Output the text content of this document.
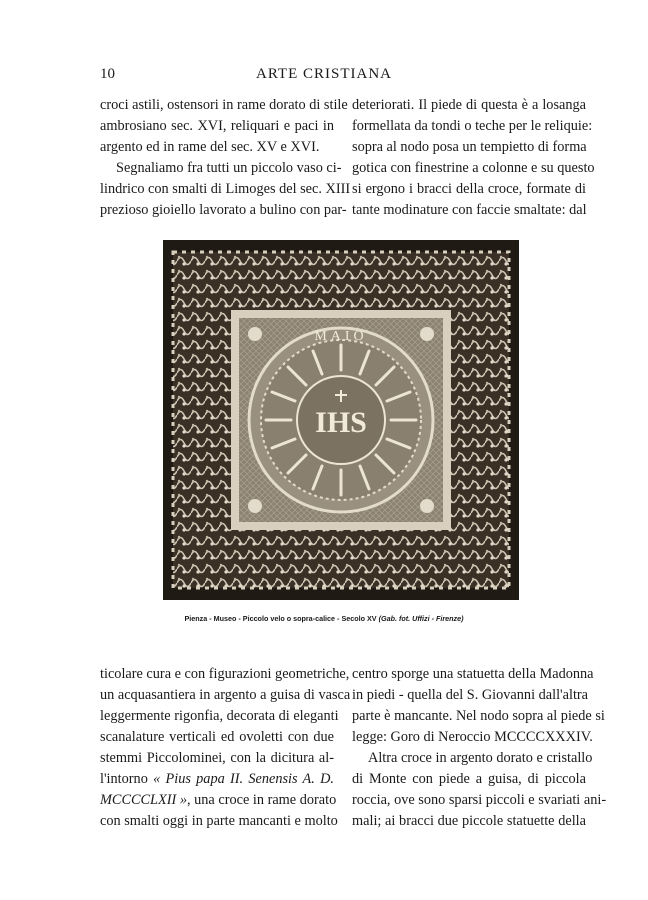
10	ARTE CRISTIANA
croci astili, ostensori in rame dorato di stile
ambrosiano sec. XVI, reliquari e paci in
argento ed in rame del sec. XV e XVI.
Segnaliamo fra tutti un piccolo vaso ci-
lindrico con smalti di Limoges del sec. XIII
prezioso gioiello lavorato a bulino con par-
deteriorati. Il piede di questa è a losanga
formellata da tondi o teche per le reliquie:
sopra al nodo posa un tempietto di forma
gotica con finestrine a colonne e su questo
si ergono i bracci della croce, formate di
tante modinature con faccie smaltate: dal
IHS
MAIO
Pienza - Museo - Piccolo velo o sopra-calice - Secolo XV (Gab. fot. Uffizi - Firenze)
ticolare cura e con figurazioni geometriche,
un acquasantiera in argento a guisa di vasca
leggermente rigonfia, decorata di eleganti
scanalature verticali ed ovoletti con due
stemmi Piccolominei, con la dicitura al-
l'intorno « Pius papa II. Senensis A. D.
MCCCCLXII », una croce in rame dorato
con smalti oggi in parte mancanti e molto
centro sporge una statuetta della Madonna
in piedi - quella del S. Giovanni dall'altra
parte è mancante. Nel nodo sopra al piede si
legge: Goro di Neroccio MCCCCXXXIV.
Altra croce in argento dorato e cristallo
di Monte con piede a guisa, di piccola
roccia, ove sono sparsi piccoli e svariati ani-
mali; ai bracci due piccole statuette della
